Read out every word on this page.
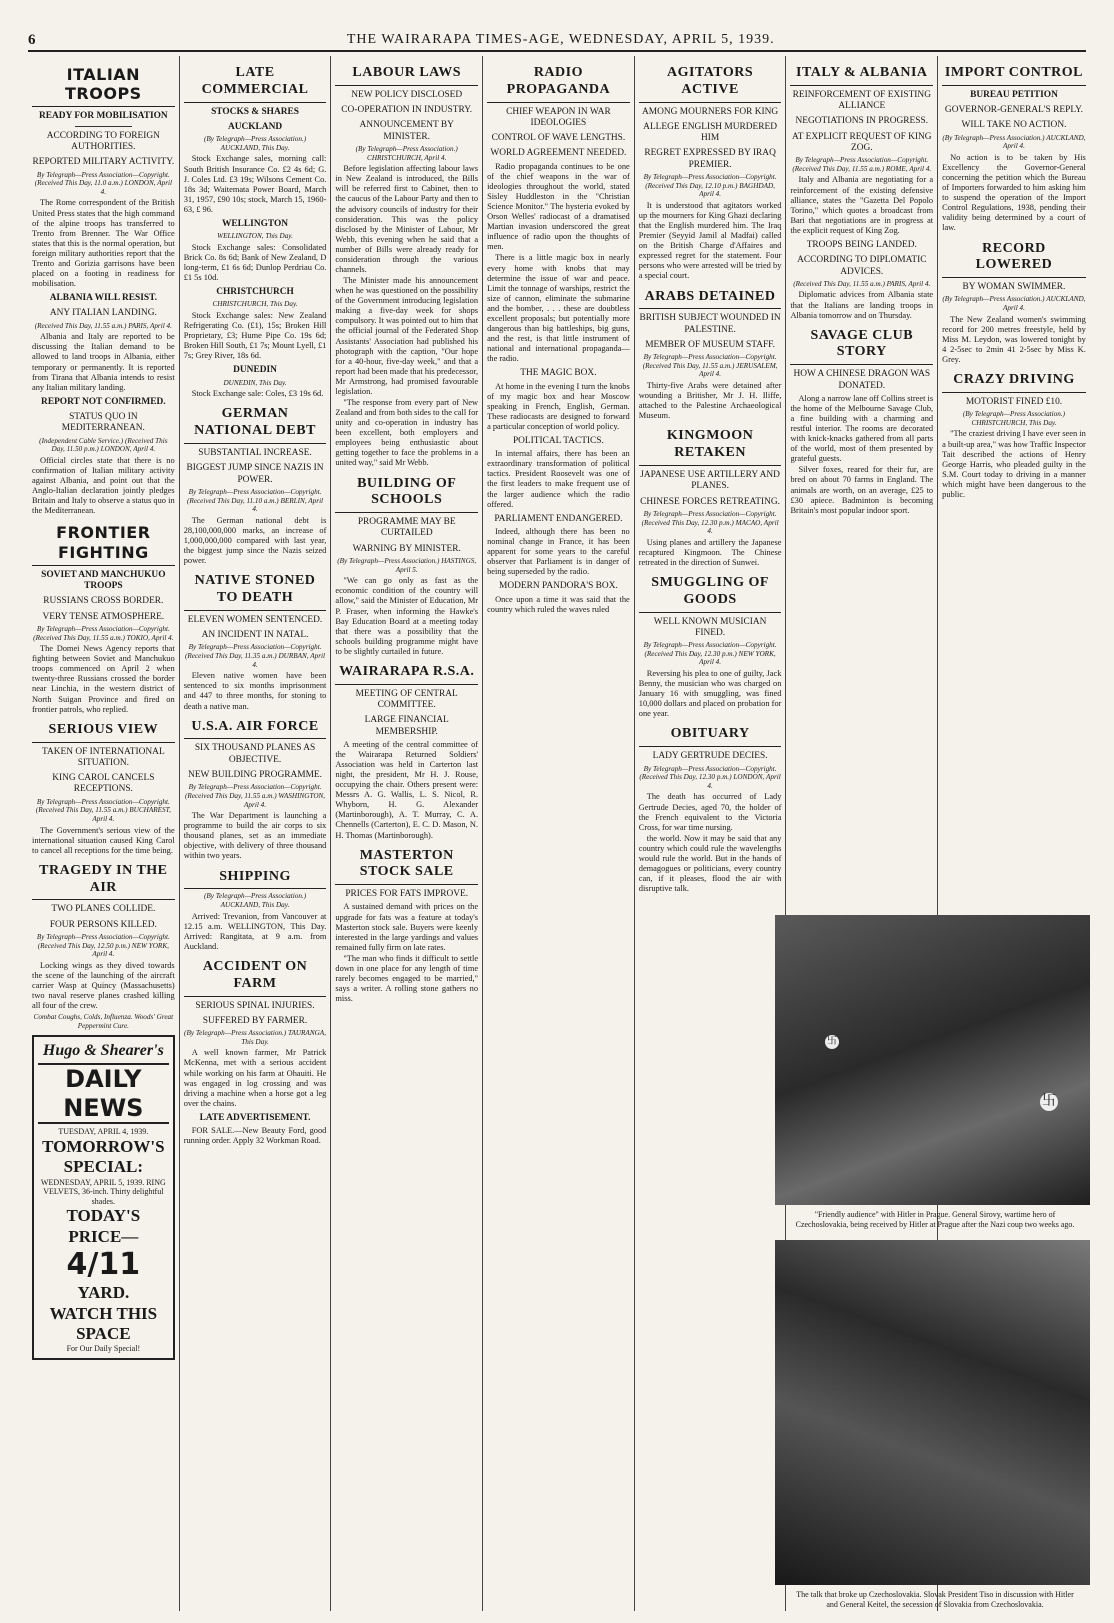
6	THE WAIRARAPA TIMES-AGE, WEDNESDAY, APRIL 5, 1939.
ITALIAN TROOPS
READY FOR MOBILISATION
ACCORDING TO FOREIGN AUTHORITIES.
REPORTED MILITARY ACTIVITY.
By Telegraph—Press Association—Copyright. (Received This Day, 11.0 a.m.) LONDON, April 4.

The Rome correspondent of the British United Press states that the high command of the alpine troops has transferred to Trento from Brenner. The War Office states that this is the normal operation, but foreign military authorities report that the Trento and Gorizia garrisons have been placed on a footing in readiness for mobilisation.

ALBANIA WILL RESIST.
ANY ITALIAN LANDING.
(Received This Day, 11.55 a.m.) PARIS, April 4.

Albania and Italy are reported to be discussing the Italian demand to be allowed to land troops in Albania, either temporary or permanently. It is reported from Tirana that Albania intends to resist any Italian military landing.

REPORT NOT CONFIRMED.
STATUS QUO IN MEDITERRANEAN.
(Independent Cable Service.) (Received This Day, 11.50 p.m.) LONDON, April 4.

Official circles state that there is no confirmation of Italian military activity against Albania, and point out that the Anglo-Italian declaration jointly pledges Britain and Italy to observe a status quo in the Mediterranean.

FRONTIER FIGHTING
SOVIET AND MANCHUKUO TROOPS
RUSSIANS CROSS BORDER.
VERY TENSE ATMOSPHERE.
By Telegraph—Press Association—Copyright. (Received This Day, 11.55 a.m.) TOKIO, April 4.

The Domei News Agency reports that fighting between Soviet and Manchukuo troops commenced on April 2 when twenty-three Russians crossed the border near Linchia, in the western district of North Suigan Province and fired on frontier patrols, who replied.

SERIOUS VIEW
TAKEN OF INTERNATIONAL SITUATION.
KING CAROL CANCELS RECEPTIONS.
By Telegraph—Press Association—Copyright. (Received This Day, 11.55 a.m.) BUCHAREST, April 4.

The Government's serious view of the international situation caused King Carol to cancel all receptions for the time being.

TRAGEDY IN THE AIR
TWO PLANES COLLIDE.
FOUR PERSONS KILLED.
By Telegraph—Press Association—Copyright. (Received This Day, 12.50 p.m.) NEW YORK, April 4.

Locking wings as they dived towards the scene of the launching of the aircraft carrier Wasp at Quincy (Massachusetts) two naval reserve planes crashed killing all four of the crew.

Combat Coughs, Colds, Influenza. Woods' Great Peppermint Cure.
Hugo & Shearer's
DAILY NEWS
TUESDAY, APRIL 4, 1939.
TOMORROW'S SPECIAL:
WEDNESDAY, APRIL 5, 1939. RING VELVETS, 36-inch. Thirty delightful shades.
TODAY'S PRICE—
4/11
YARD.
WATCH THIS SPACE
For Our Daily Special!
LATE COMMERCIAL
STOCKS & SHARES
AUCKLAND
(By Telegraph—Press Association.) AUCKLAND, This Day.

Stock Exchange sales, morning call: South British Insurance Co. £2 4s 6d; G. J. Coles Ltd. £3 19s; Wilsons Cement Co. 18s 3d; Waitemata Power Board, March 31, 1957, £90 10s; stock, March 15, 1960-63, £ 96.

WELLINGTON
WELLINGTON, This Day.

Stock Exchange sales: Consolidated Brick Co. 8s 6d; Bank of New Zealand, D long-term, £1 6s 6d; Dunlop Perdriau Co. £1 5s 10d.

CHRISTCHURCH
CHRISTCHURCH, This Day.

Stock Exchange sales: New Zealand Refrigerating Co. (£1), 15s; Broken Hill Proprietary, £3; Hume Pipe Co. 19s 6d; Broken Hill South, £1 7s; Mount Lyell, £1 7s; Grey River, 18s 6d.

DUNEDIN
DUNEDIN, This Day.

Stock Exchange sale: Coles, £3 19s 6d.

GERMAN NATIONAL DEBT
SUBSTANTIAL INCREASE.
BIGGEST JUMP SINCE NAZIS IN POWER.
By Telegraph—Press Association—Copyright. (Received This Day, 11.10 a.m.) BERLIN, April 4.

The German national debt is 28,100,000,000 marks, an increase of 1,000,000,000 compared with last year, the biggest jump since the Nazis seized power.

NATIVE STONED TO DEATH
ELEVEN WOMEN SENTENCED.
AN INCIDENT IN NATAL.
By Telegraph—Press Association—Copyright. (Received This Day, 11.35 a.m.) DURBAN, April 4.

Eleven native women have been sentenced to six months imprisonment and 447 to three months, for stoning to death a native man.

U.S.A. AIR FORCE
SIX THOUSAND PLANES AS OBJECTIVE.
NEW BUILDING PROGRAMME.
By Telegraph—Press Association—Copyright. (Received This Day, 11.55 a.m.) WASHINGTON, April 4.

The War Department is launching a programme to build the air corps to six thousand planes, set as an immediate objective, with delivery of three thousand within two years.

SHIPPING
(By Telegraph—Press Association.) AUCKLAND, This Day.

Arrived: Trevanion, from Vancouver at 12.15 a.m. WELLINGTON, This Day. Arrived: Rangitata, at 9 a.m. from Auckland.

ACCIDENT ON FARM
SERIOUS SPINAL INJURIES.
SUFFERED BY FARMER.
(By Telegraph—Press Association.) TAURANGA, This Day.

A well known farmer, Mr Patrick McKenna, met with a serious accident while working on his farm at Ohauiti. He was engaged in log crossing and was driving a machine when a horse got a leg over the chains.

LATE ADVERTISEMENT.

FOR SALE.—New Beauty Ford, good running order. Apply 32 Workman Road.

LABOUR LAWS
NEW POLICY DISCLOSED
CO-OPERATION IN INDUSTRY.
ANNOUNCEMENT BY MINISTER.
(By Telegraph—Press Association.) CHRISTCHURCH, April 4.

Before legislation affecting labour laws in New Zealand is introduced, the Bills will be referred first to Cabinet, then to the caucus of the Labour Party and then to the advisory councils of industry for their consideration. This was the policy disclosed by the Minister of Labour, Mr Webb, this evening when he said that a number of Bills were already ready for consideration through the various channels.

The Minister made his announcement when he was questioned on the possibility of the Government introducing legislation making a five-day week for shops compulsory. It was pointed out to him that the official journal of the Federated Shop Assistants' Association had published his photograph with the caption, "Our hope for a 40-hour, five-day week," and that a report had been made that his predecessor, Mr Armstrong, had promised favourable legislation.

"The response from every part of New Zealand and from both sides to the call for unity and co-operation in industry has been excellent, both employers and employees being enthusiastic about getting together to face the problems in a united way," said Mr Webb.

BUILDING OF SCHOOLS
PROGRAMME MAY BE CURTAILED
WARNING BY MINISTER.
(By Telegraph—Press Association.) HASTINGS, April 5.

"We can go only as fast as the economic condition of the country will allow," said the Minister of Education, Mr P. Fraser, when informing the Hawke's Bay Education Board at a meeting today that there was a possibility that the schools building programme might have to be slightly curtailed in future.

WAIRARAPA R.S.A.
MEETING OF CENTRAL COMMITTEE.
LARGE FINANCIAL MEMBERSHIP.

A meeting of the central committee of the Wairarapa Returned Soldiers' Association was held in Carterton last night, the president, Mr H. J. Rouse, occupying the chair. Others present were: Messrs A. G. Wallis, L. S. Nicol, R. Whyborn, H. G. Alexander (Martinborough), A. T. Murray, C. A. Chennells (Carterton), E. C. D. Mason, N. H. Thomas (Martinborough).

MASTERTON STOCK SALE
PRICES FOR FATS IMPROVE.

A sustained demand with prices on the upgrade for fats was a feature at today's Masterton stock sale. Buyers were keenly interested in the large yardings and values remained fully firm on late rates.

"The man who finds it difficult to settle down in one place for any length of time rarely becomes engaged to be married," says a writer. A rolling stone gathers no miss.

RADIO PROPAGANDA
CHIEF WEAPON IN WAR IDEOLOGIES
CONTROL OF WAVE LENGTHS.
WORLD AGREEMENT NEEDED.

Radio propaganda continues to be one of the chief weapons in the war of ideologies throughout the world, stated Sisley Huddleston in the "Christian Science Monitor." The hysteria evoked by Orson Welles' radiocast of a dramatised Martian invasion underscored the great influence of radio upon the thoughts of men.

There is a little magic box in nearly every home with knobs that may determine the issue of war and peace. Limit the tonnage of warships, restrict the size of cannon, eliminate the submarine and the bomber, . . . these are doubtless excellent proposals; but potentially more dangerous than big battleships, big guns, and the rest, is that little instrument of national and international propaganda—the radio.

THE MAGIC BOX.

At home in the evening I turn the knobs of my magic box and hear Moscow speaking in French, English, German. These radiocasts are designed to forward a particular conception of world policy.

POLITICAL TACTICS.

In internal affairs, there has been an extraordinary transformation of political tactics. President Roosevelt was one of the first leaders to make frequent use of the larger audience which the radio offered.

PARLIAMENT ENDANGERED.

Indeed, although there has been no nominal change in France, it has been apparent for some years to the careful observer that Parliament is in danger of being superseded by the radio.

MODERN PANDORA'S BOX.

Once upon a time it was said that the country which ruled the waves ruled

AGITATORS ACTIVE
AMONG MOURNERS FOR KING
ALLEGE ENGLISH MURDERED HIM
REGRET EXPRESSED BY IRAQ PREMIER.
By Telegraph—Press Association—Copyright. (Received This Day, 12.10 p.m.) BAGHDAD, April 4.

It is understood that agitators worked up the mourners for King Ghazi declaring that the English murdered him. The Iraq Premier (Seyyid Jamil al Madfai) called on the British Charge d'Affaires and expressed regret for the statement. Four persons who were arrested will be tried by a special court.

ARABS DETAINED
BRITISH SUBJECT WOUNDED IN PALESTINE.
MEMBER OF MUSEUM STAFF.
By Telegraph—Press Association—Copyright. (Received This Day, 11.55 a.m.) JERUSALEM, April 4.

Thirty-five Arabs were detained after wounding a Britisher, Mr J. H. Iliffe, attached to the Palestine Archaeological Museum.

KINGMOON RETAKEN
JAPANESE USE ARTILLERY AND PLANES.
CHINESE FORCES RETREATING.
By Telegraph—Press Association—Copyright. (Received This Day, 12.30 p.m.) MACAO, April 4.

Using planes and artillery the Japanese recaptured Kingmoon. The Chinese retreated in the direction of Sunwei.

SMUGGLING OF GOODS
WELL KNOWN MUSICIAN FINED.
By Telegraph—Press Association—Copyright. (Received This Day, 12.30 p.m.) NEW YORK, April 4.

Reversing his plea to one of guilty, Jack Benny, the musician who was charged on January 16 with smuggling, was fined 10,000 dollars and placed on probation for one year.

OBITUARY
LADY GERTRUDE DECIES.
By Telegraph—Press Association—Copyright. (Received This Day, 12.30 p.m.) LONDON, April 4.

The death has occurred of Lady Gertrude Decies, aged 70, the holder of the French equivalent to the Victoria Cross, for war time nursing.

the world. Now it may be said that any country which could rule the wavelengths would rule the world. But in the hands of demagogues or politicians, every country can, if it pleases, flood the air with disruptive talk.

ITALY & ALBANIA
REINFORCEMENT OF EXISTING ALLIANCE
NEGOTIATIONS IN PROGRESS.
AT EXPLICIT REQUEST OF KING ZOG.
By Telegraph—Press Association—Copyright. (Received This Day, 11.55 a.m.) ROME, April 4.

Italy and Albania are negotiating for a reinforcement of the existing defensive alliance, states the "Gazetta Del Popolo Torino," which quotes a broadcast from Bari that negotiations are in progress at the explicit request of King Zog.

TROOPS BEING LANDED.
ACCORDING TO DIPLOMATIC ADVICES.
(Received This Day, 11.55 a.m.) PARIS, April 4.

Diplomatic advices from Albania state that the Italians are landing troops in Albania tomorrow and on Thursday.

SAVAGE CLUB STORY
HOW A CHINESE DRAGON WAS DONATED.

Along a narrow lane off Collins street is the home of the Melbourne Savage Club, a fine building with a charming and restful interior. The rooms are decorated with knick-knacks gathered from all parts of the world, most of them presented by grateful guests.

Silver foxes, reared for their fur, are bred on about 70 farms in England. The animals are worth, on an average, £25 to £30 apiece. Badminton is becoming Britain's most popular indoor sport.

IMPORT CONTROL
BUREAU PETITION
GOVERNOR-GENERAL'S REPLY.
WILL TAKE NO ACTION.
(By Telegraph—Press Association.) AUCKLAND, April 4.

No action is to be taken by His Excellency the Governor-General concerning the petition which the Bureau of Importers forwarded to him asking him to suspend the operation of the Import Control Regulations, 1938, pending their validity being determined by a court of law.

RECORD LOWERED
BY WOMAN SWIMMER.
(By Telegraph—Press Association.) AUCKLAND, April 4.

The New Zealand women's swimming record for 200 metres freestyle, held by Miss M. Leydon, was lowered tonight by 4 2-5sec to 2min 41 2-5sec by Miss K. Grey.

CRAZY DRIVING
MOTORIST FINED £10.
(By Telegraph—Press Association.) CHRISTCHURCH, This Day.

"The craziest driving I have ever seen in a built-up area," was how Traffic Inspector Tait described the actions of Henry George Harris, who pleaded guilty in the S.M. Court today to driving in a manner which might have been dangerous to the public.

卐
卐
"Friendly audience" with Hitler in Prague. General Sirovy, wartime hero of Czechoslovakia, being received by Hitler at Prague after the Nazi coup two weeks ago.
The talk that broke up Czechoslovakia. Slovak President Tiso in discussion with Hitler and General Keitel, the secession of Slovakia from Czechoslovakia.
